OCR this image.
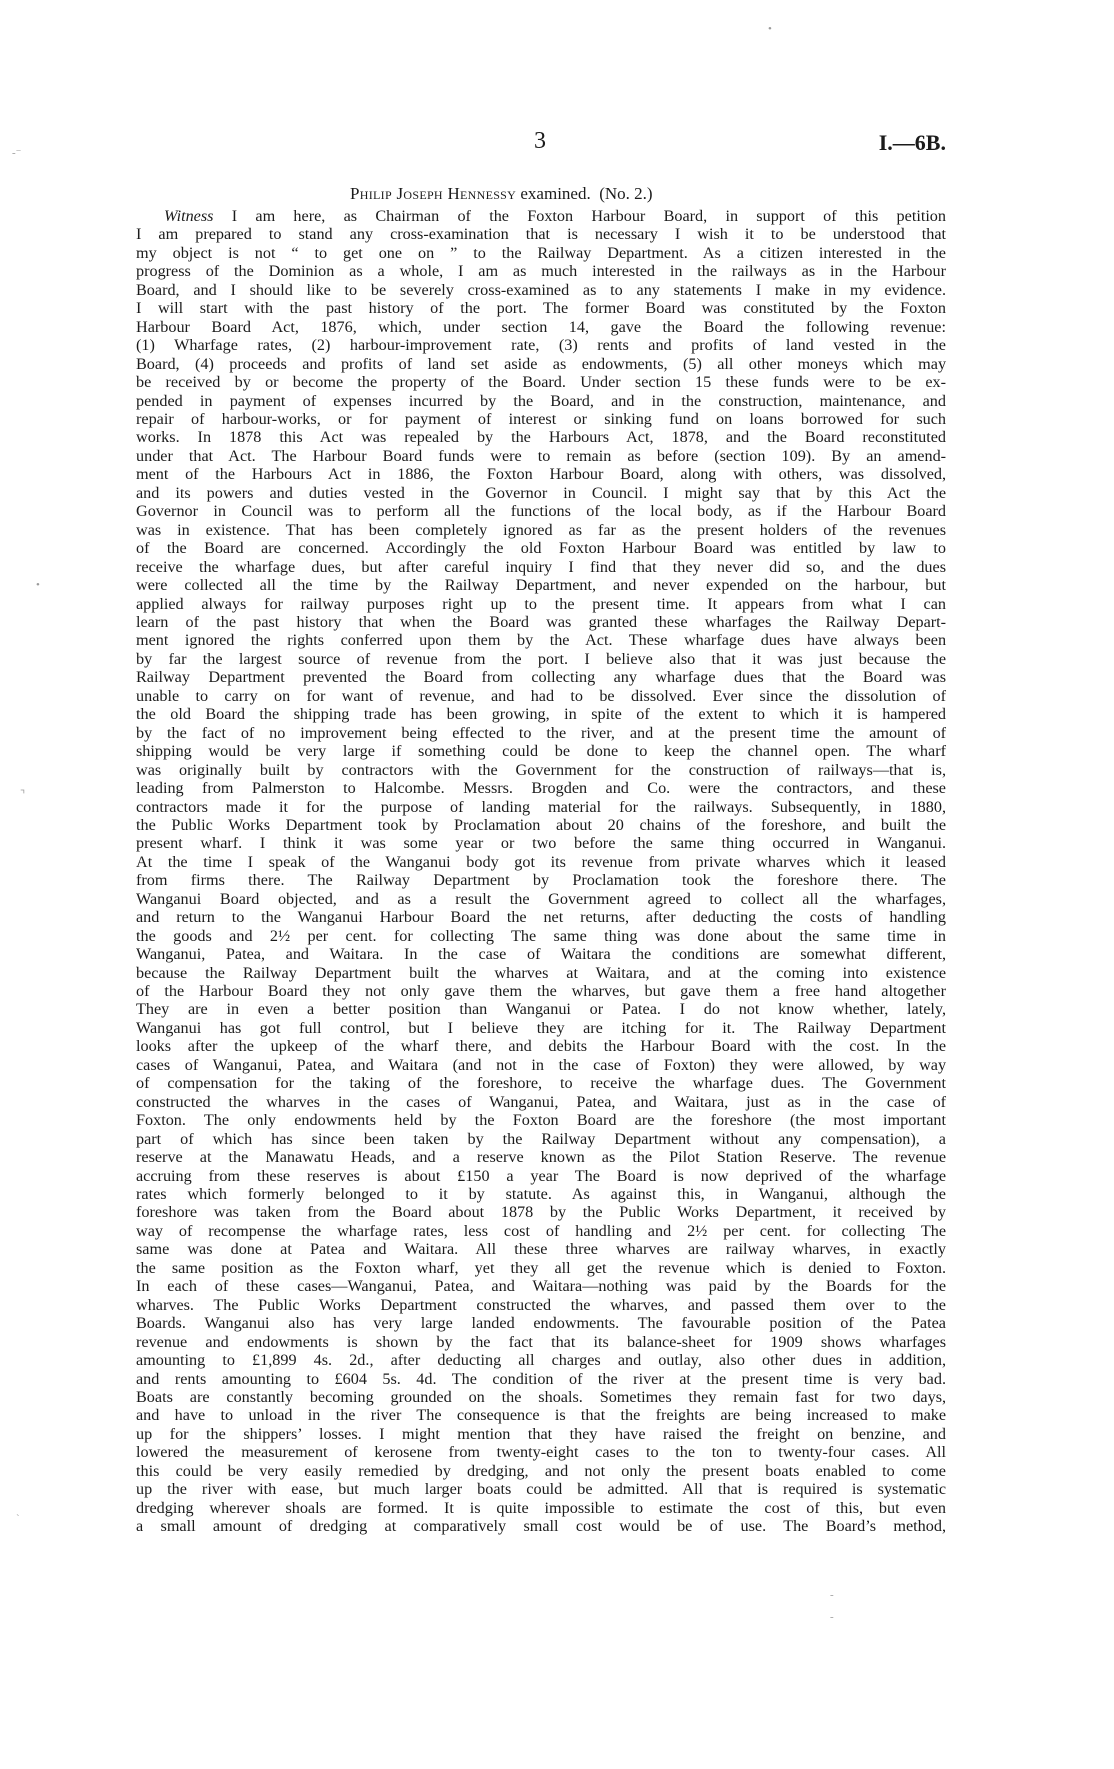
3	I.—6B.
Philip Joseph Hennessy examined. (No. 2.)
Witness I am here, as Chairman of the Foxton Harbour Board, in support of this petition
I am prepared to stand any cross-examination that is necessary I wish it to be understood that
my object is not “ to get one on ” to the Railway Department. As a citizen interested in the
progress of the Dominion as a whole, I am as much interested in the railways as in the Harbour
Board, and I should like to be severely cross-examined as to any statements I make in my evidence.
I will start with the past history of the port. The former Board was constituted by the Foxton
Harbour Board Act, 1876, which, under section 14, gave the Board the following revenue:
(1) Wharfage rates, (2) harbour-improvement rate, (3) rents and profits of land vested in the
Board, (4) proceeds and profits of land set aside as endowments, (5) all other moneys which may
be received by or become the property of the Board. Under section 15 these funds were to be ex-
pended in payment of expenses incurred by the Board, and in the construction, maintenance, and
repair of harbour-works, or for payment of interest or sinking fund on loans borrowed for such
works. In 1878 this Act was repealed by the Harbours Act, 1878, and the Board reconstituted
under that Act. The Harbour Board funds were to remain as before (section 109). By an amend-
ment of the Harbours Act in 1886, the Foxton Harbour Board, along with others, was dissolved,
and its powers and duties vested in the Governor in Council. I might say that by this Act the
Governor in Council was to perform all the functions of the local body, as if the Harbour Board
was in existence. That has been completely ignored as far as the present holders of the revenues
of the Board are concerned. Accordingly the old Foxton Harbour Board was entitled by law to
receive the wharfage dues, but after careful inquiry I find that they never did so, and the dues
were collected all the time by the Railway Department, and never expended on the harbour, but
applied always for railway purposes right up to the present time. It appears from what I can
learn of the past history that when the Board was granted these wharfages the Railway Depart-
ment ignored the rights conferred upon them by the Act. These wharfage dues have always been
by far the largest source of revenue from the port. I believe also that it was just because the
Railway Department prevented the Board from collecting any wharfage dues that the Board was
unable to carry on for want of revenue, and had to be dissolved. Ever since the dissolution of
the old Board the shipping trade has been growing, in spite of the extent to which it is hampered
by the fact of no improvement being effected to the river, and at the present time the amount of
shipping would be very large if something could be done to keep the channel open. The wharf
was originally built by contractors with the Government for the construction of railways—that is,
leading from Palmerston to Halcombe. Messrs. Brogden and Co. were the contractors, and these
contractors made it for the purpose of landing material for the railways. Subsequently, in 1880,
the Public Works Department took by Proclamation about 20 chains of the foreshore, and built the
present wharf. I think it was some year or two before the same thing occurred in Wanganui.
At the time I speak of the Wanganui body got its revenue from private wharves which it leased
from firms there. The Railway Department by Proclamation took the foreshore there. The
Wanganui Board objected, and as a result the Government agreed to collect all the wharfages,
and return to the Wanganui Harbour Board the net returns, after deducting the costs of handling
the goods and 2½ per cent. for collecting The same thing was done about the same time in
Wanganui, Patea, and Waitara. In the case of Waitara the conditions are somewhat different,
because the Railway Department built the wharves at Waitara, and at the coming into existence
of the Harbour Board they not only gave them the wharves, but gave them a free hand altogether
They are in even a better position than Wanganui or Patea. I do not know whether, lately,
Wanganui has got full control, but I believe they are itching for it. The Railway Department
looks after the upkeep of the wharf there, and debits the Harbour Board with the cost. In the
cases of Wanganui, Patea, and Waitara (and not in the case of Foxton) they were allowed, by way
of compensation for the taking of the foreshore, to receive the wharfage dues. The Government
constructed the wharves in the cases of Wanganui, Patea, and Waitara, just as in the case of
Foxton. The only endowments held by the Foxton Board are the foreshore (the most important
part of which has since been taken by the Railway Department without any compensation), a
reserve at the Manawatu Heads, and a reserve known as the Pilot Station Reserve. The revenue
accruing from these reserves is about £150 a year The Board is now deprived of the wharfage
rates which formerly belonged to it by statute. As against this, in Wanganui, although the
foreshore was taken from the Board about 1878 by the Public Works Department, it received by
way of recompense the wharfage rates, less cost of handling and 2½ per cent. for collecting The
same was done at Patea and Waitara. All these three wharves are railway wharves, in exactly
the same position as the Foxton wharf, yet they all get the revenue which is denied to Foxton.
In each of these cases—Wanganui, Patea, and Waitara—nothing was paid by the Boards for the
wharves. The Public Works Department constructed the wharves, and passed them over to the
Boards. Wanganui also has very large landed endowments. The favourable position of the Patea
revenue and endowments is shown by the fact that its balance-sheet for 1909 shows wharfages
amounting to £1,899 4s. 2d., after deducting all charges and outlay, also other dues in addition,
and rents amounting to £604 5s. 4d. The condition of the river at the present time is very bad.
Boats are constantly becoming grounded on the shoals. Sometimes they remain fast for two days,
and have to unload in the river The consequence is that the freights are being increased to make
up for the shippers’ losses. I might mention that they have raised the freight on benzine, and
lowered the measurement of kerosene from twenty-eight cases to the ton to twenty-four cases. All
this could be very easily remedied by dredging, and not only the present boats enabled to come
up the river with ease, but much larger boats could be admitted. All that is required is systematic
dredging wherever shoals are formed. It is quite impossible to estimate the cost of this, but even
a small amount of dredging at comparatively small cost would be of use. The Board’s method,
•
-⁻
•
⌝
`
-
-
